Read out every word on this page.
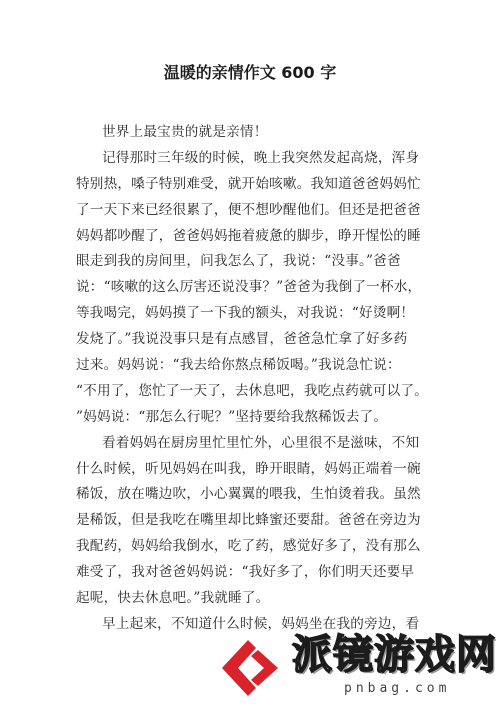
温暖的亲情作文 600 字
世界上最宝贵的就是亲情！
记得那时三年级的时候，晚上我突然发起高烧，浑身
特别热，嗓子特别难受，就开始咳嗽。我知道爸爸妈妈忙
了一天下来已经很累了，便不想吵醒他们。但还是把爸爸
妈妈都吵醒了，爸爸妈妈拖着疲惫的脚步，睁开惺忪的睡
眼走到我的房间里，问我怎么了，我说：“没事。”爸爸
说：“咳嗽的这么厉害还说没事？”爸爸为我倒了一杯水，
等我喝完，妈妈摸了一下我的额头，对我说：“好烫啊！
发烧了。”我说没事只是有点感冒，爸爸急忙拿了好多药
过来。妈妈说：“我去给你熬点稀饭喝。”我说急忙说：
“不用了，您忙了一天了，去休息吧，我吃点药就可以了。
”妈妈说：“那怎么行呢？”坚持要给我熬稀饭去了。
看着妈妈在厨房里忙里忙外，心里很不是滋味，不知
什么时候，听见妈妈在叫我，睁开眼睛，妈妈正端着一碗
稀饭，放在嘴边吹，小心翼翼的喂我，生怕烫着我。虽然
是稀饭，但是我吃在嘴里却比蜂蜜还要甜。爸爸在旁边为
我配药，妈妈给我倒水，吃了药，感觉好多了，没有那么
难受了，我对爸爸妈妈说：“我好多了，你们明天还要早
起呢，快去休息吧。”我就睡了。
早上起来，不知道什么时候，妈妈坐在我的旁边，看
派镜游戏网
pnbag.com
